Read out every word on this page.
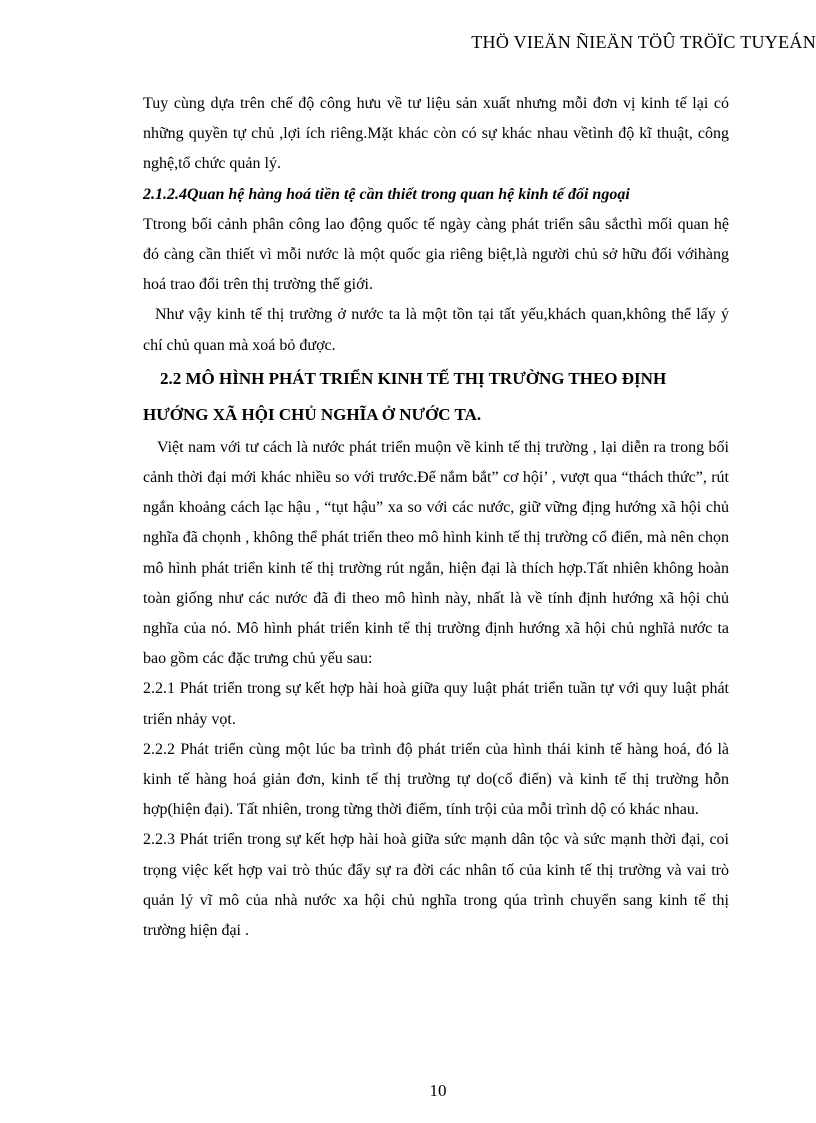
THÖ VIEÄN ÑIEÄN TÖÛ TRÖÏC TUYEÁN

Tuy cùng dựa trên chế độ công hưu về tư liệu sản xuất nhưng mỗi đơn vị kinh tế lại có những quyền tự chủ ,lợi ích riêng.Mặt khác còn có sự khác nhau vềtình độ kĩ thuật, công nghệ,tổ chức quản lý.

2.1.2.4Quan hệ hàng hoá tiền tệ cần thiết trong quan hệ kinh tế đối ngoại

Ttrong bối cảnh phân công lao động quốc tế ngày càng phát triển sâu sắcthì mối quan hệ đó càng cần thiết vì mỗi nước là một quốc gia riêng biệt,là người chủ sở hữu đối vớihàng hoá trao đổi trên thị trường thế giới.

Như vậy kinh tế thị trường ở nước ta là một tồn tại tất yếu,khách quan,không thể lấy ý chí chủ quan mà xoá bỏ được.

2.2 MÔ HÌNH PHÁT TRIỂN KINH TẾ THỊ TRƯỜNG THEO ĐỊNH
HƯỚNG XÃ HỘI CHỦ NGHĨA Ở NƯỚC TA.

Việt nam với tư cách là nước phát triển muộn về kinh tế thị trường , lại diễn ra trong bối cảnh thời đại mới khác nhiều so với trước.Để nắm bắt” cơ hội’ , vượt qua “thách thức”, rút ngắn khoảng cách lạc hậu , “tụt hậu” xa so với các nước, giữ vững địng hướng xã hội chủ nghĩa đã chọnh , không thể phát triển theo mô hình kinh tế thị trường cổ điển, mà nên chọn mô hình phát triển kinh tế thị trường rút ngắn, hiện đại là thích hợp.Tất nhiên không hoàn toàn giống như các nước đã đi theo mô hình này, nhất là về tính định hướng xã hội chủ nghĩa của nó. Mô hình phát triển kinh tế thị trường định hướng xã hội chủ nghĩả nước ta bao gồm các đặc trưng chủ yếu sau:

2.2.1 Phát triển trong sự kết hợp hài hoà giữa quy luật phát triển tuần tự với quy luật phát triển nhảy vọt.

2.2.2 Phát triển cùng một lúc ba trình độ phát triển của hình thái kinh tế hàng hoá, đó là kinh tế hàng hoá giản đơn, kinh tế thị trường tự do(cổ điển) và kinh tế thị trường hỗn hợp(hiện đại). Tất nhiên, trong từng thời điểm, tính trội của mỗi trình dộ có khác nhau.

2.2.3 Phát triển trong sự kết hợp hài hoà giữa sức mạnh dân tộc và sức mạnh thời đại, coi trọng việc kết hợp vai trò thúc đẩy sự ra đời các nhân tố của kinh tế thị trường và vai trò quản lý vĩ mô của nhà nước xa hội chủ nghĩa trong qúa trình chuyển sang kinh tế thị trường hiện đại .

10
